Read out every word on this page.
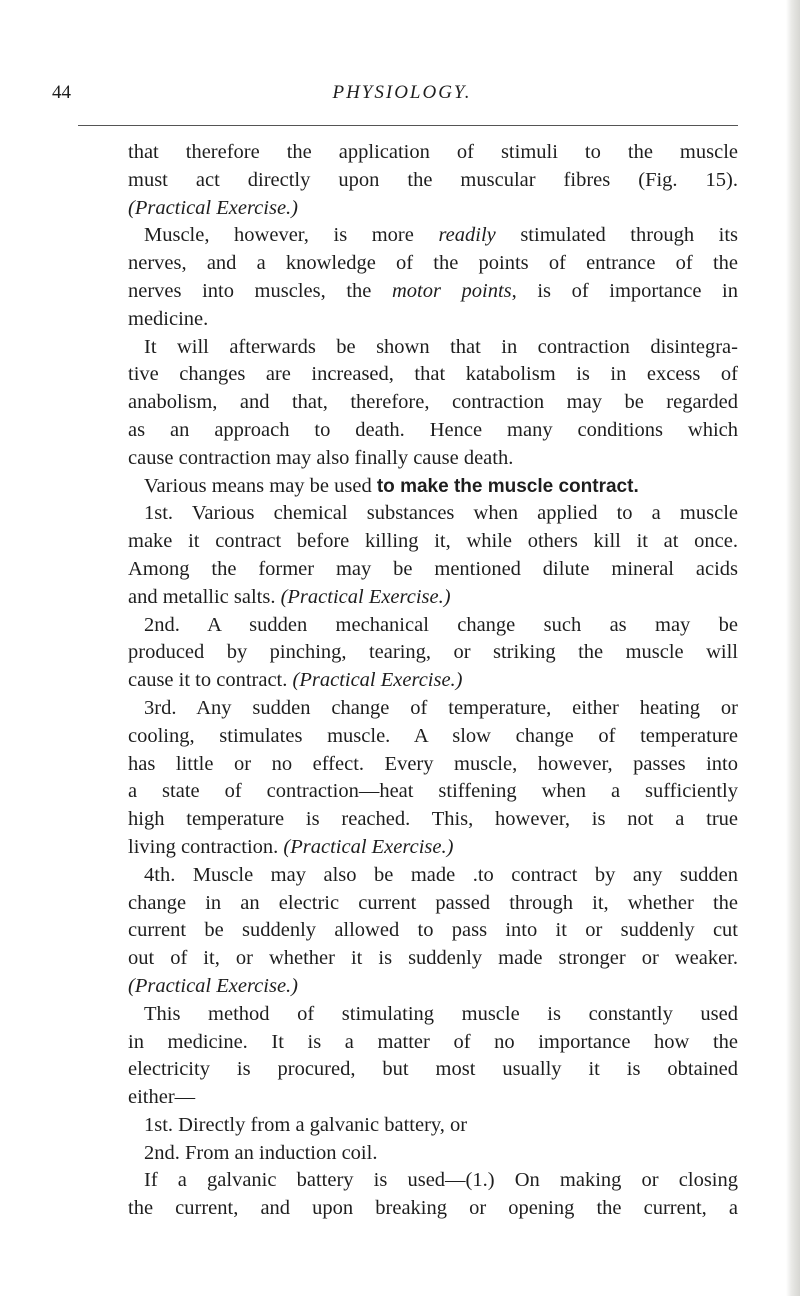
44	PHYSIOLOGY.
that therefore the application of stimuli to the muscle
must act directly upon the muscular fibres (Fig. 15).
(Practical Exercise.)
Muscle, however, is more readily stimulated through its
nerves, and a knowledge of the points of entrance of the
nerves into muscles, the motor points, is of importance in
medicine.
It will afterwards be shown that in contraction disintegra-
tive changes are increased, that katabolism is in excess of
anabolism, and that, therefore, contraction may be regarded
as an approach to death. Hence many conditions which
cause contraction may also finally cause death.
Various means may be used to make the muscle contract.
1st. Various chemical substances when applied to a muscle
make it contract before killing it, while others kill it at once.
Among the former may be mentioned dilute mineral acids
and metallic salts. (Practical Exercise.)
2nd. A sudden mechanical change such as may be
produced by pinching, tearing, or striking the muscle will
cause it to contract. (Practical Exercise.)
3rd. Any sudden change of temperature, either heating or
cooling, stimulates muscle. A slow change of temperature
has little or no effect. Every muscle, however, passes into
a state of contraction—heat stiffening when a sufficiently
high temperature is reached. This, however, is not a true
living contraction. (Practical Exercise.)
4th. Muscle may also be made .to contract by any sudden
change in an electric current passed through it, whether the
current be suddenly allowed to pass into it or suddenly cut
out of it, or whether it is suddenly made stronger or weaker.
(Practical Exercise.)
This method of stimulating muscle is constantly used
in medicine. It is a matter of no importance how the
electricity is procured, but most usually it is obtained
either—
1st. Directly from a galvanic battery, or
2nd. From an induction coil.
If a galvanic battery is used—(1.) On making or closing
the current, and upon breaking or opening the current, a
